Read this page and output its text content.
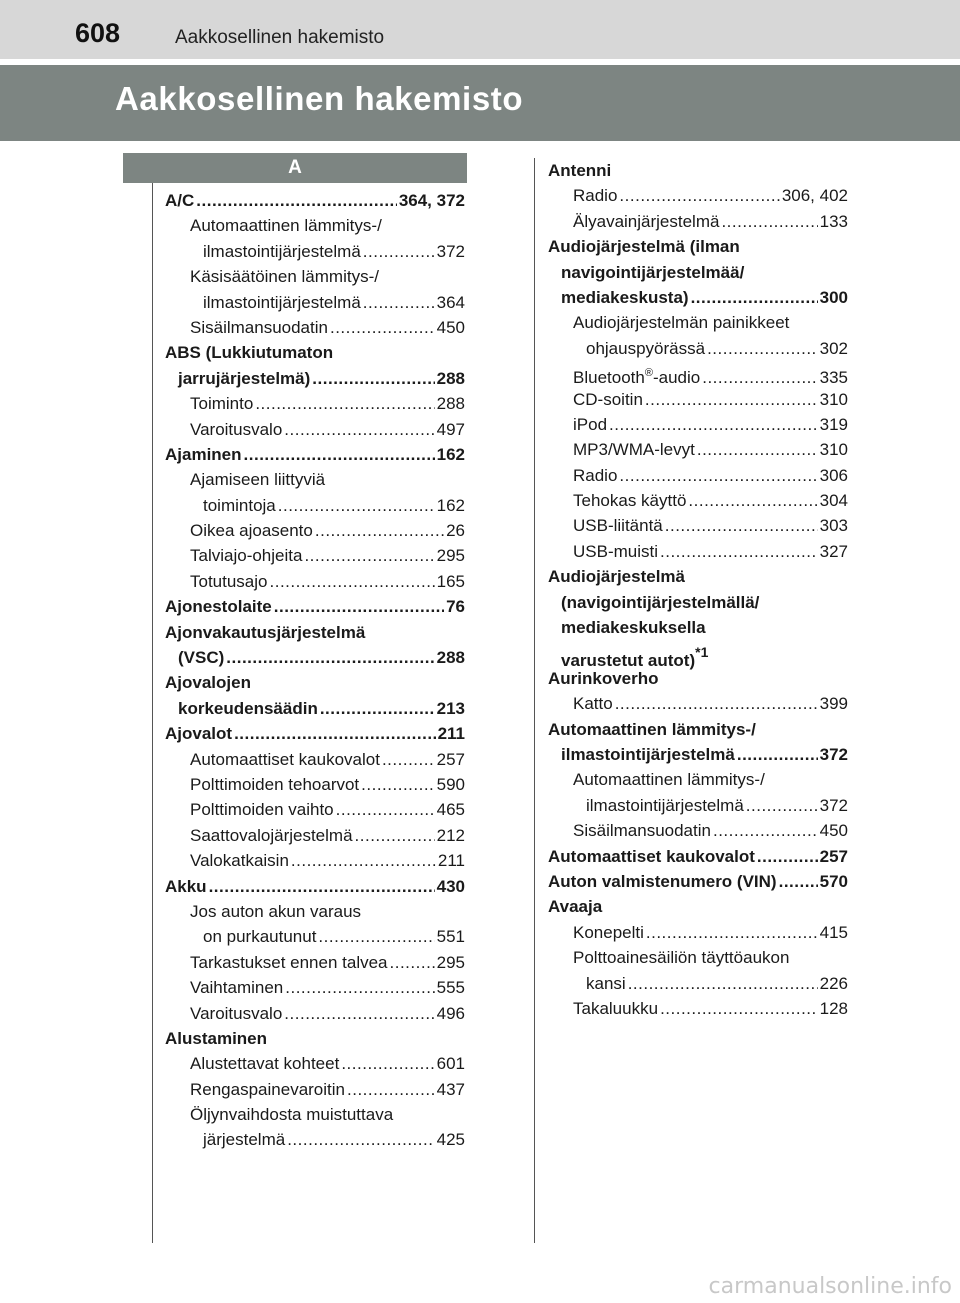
608	Aakkosellinen hakemisto
Aakkosellinen hakemisto
A
A/C .....	364, 372
Automaattinen lämmitys-/
ilmastointijärjestelmä .....	372
Käsisäätöinen lämmitys-/
ilmastointijärjestelmä .....	364
Sisäilmansuodatin .....	450
ABS (Lukkiutumaton
jarrujärjestelmä) .....	288
Toiminto .....	288
Varoitusvalo .....	497
Ajaminen .....	162
Ajamiseen liittyviä
toimintoja .....	162
Oikea ajoasento .....	26
Talviajo-ohjeita .....	295
Totutusajo .....	165
Ajonestolaite .....	76
Ajonvakautusjärjestelmä
(VSC) .....	288
Ajovalojen
korkeudensäädin .....	213
Ajovalot .....	211
Automaattiset kaukovalot .....	257
Polttimoiden tehoarvot .....	590
Polttimoiden vaihto .....	465
Saattovalojärjestelmä .....	212
Valokatkaisin .....	211
Akku .....	430
Jos auton akun varaus
on purkautunut .....	551
Tarkastukset ennen talvea .....	295
Vaihtaminen .....	555
Varoitusvalo .....	496
Alustaminen
Alustettavat kohteet .....	601
Rengaspainevaroitin .....	437
Öljynvaihdosta muistuttava
järjestelmä .....	425
Antenni
Radio .....	306, 402
Älyavainjärjestelmä .....	133
Audiojärjestelmä (ilman
navigointijärjestelmää/
mediakeskusta) .....	300
Audiojärjestelmän painikkeet
ohjauspyörässä .....	302
Bluetooth®-audio .....	335
CD-soitin .....	310
iPod .....	319
MP3/WMA-levyt .....	310
Radio .....	306
Tehokas käyttö .....	304
USB-liitäntä .....	303
USB-muisti .....	327
Audiojärjestelmä
(navigointijärjestelmällä/
mediakeskuksella
varustetut autot)$^{*1}$
Aurinkoverho
Katto .....	399
Automaattinen lämmitys-/
ilmastointijärjestelmä .....	372
Automaattinen lämmitys-/
ilmastointijärjestelmä .....	372
Sisäilmansuodatin .....	450
Automaattiset kaukovalot .....	257
Auton valmistenumero (VIN) .....	570
Avaaja
Konepelti .....	415
Polttoainesäiliön täyttöaukon
kansi .....	226
Takaluukku .....	128
carmanualsonline.info
